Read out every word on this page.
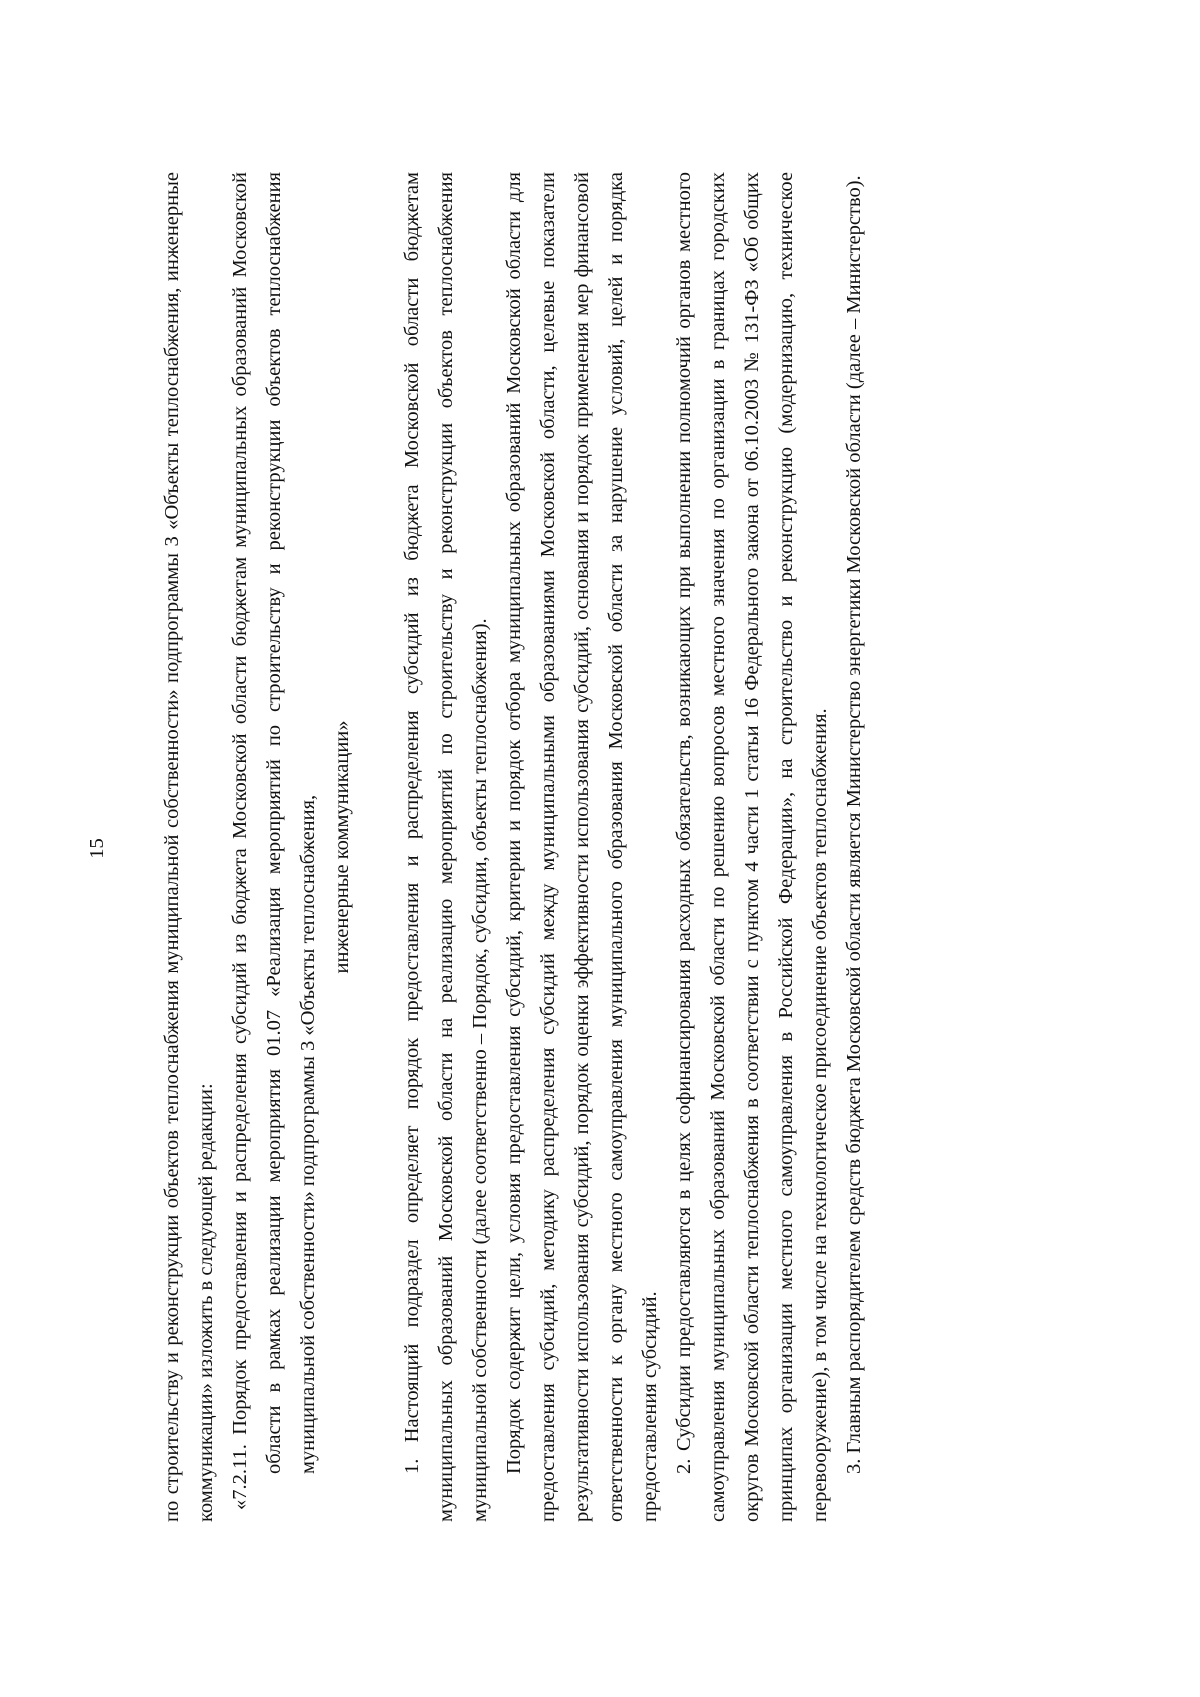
15	по строительству и реконструкции объектов теплоснабжения муниципальной собственности» подпрограммы 3 «Объекты теплоснабжения, инженерные коммуникации» изложить в следующей редакции: «7.2.11. Порядок предоставления и распределения субсидий из бюджета Московской области бюджетам муниципальных образований Московской области в рамках реализации мероприятия 01.07 «Реализация мероприятий по строительству и реконструкции объектов теплоснабжения муниципальной собственности» подпрограммы 3 «Объекты теплоснабжения, инженерные коммуникации» 1. Настоящий подраздел определяет порядок предоставления и распределения субсидий из бюджета Московской области бюджетам муниципальных образований Московской области на реализацию мероприятий по строительству и реконструкции объектов теплоснабжения муниципальной собственности (далее соответственно – Порядок, субсидии, объекты теплоснабжения). Порядок содержит цели, условия предоставления субсидий, критерии и порядок отбора муниципальных образований Московской области для предоставления субсидий, методику распределения субсидий между муниципальными образованиями Московской области, целевые показатели результативности использования субсидий, порядок оценки эффективности использования субсидий, основания и порядок применения мер финансовой ответственности к органу местного самоуправления муниципального образования Московской области за нарушение условий, целей и порядка предоставления субсидий. 2. Субсидии предоставляются в целях софинансирования расходных обязательств, возникающих при выполнении полномочий органов местного самоуправления муниципальных образований Московской области по решению вопросов местного значения по организации в границах городских округов Московской области теплоснабжения в соответствии с пунктом 4 части 1 статьи 16 Федерального закона от 06.10.2003 № 131-ФЗ «Об общих принципах организации местного самоуправления в Российской Федерации», на строительство и реконструкцию (модернизацию, техническое перевооружение), в том числе на технологическое присоединение объектов теплоснабжения. 3. Главным распорядителем средств бюджета Московской области является Министерство энергетики Московской области (далее – Министерство).
